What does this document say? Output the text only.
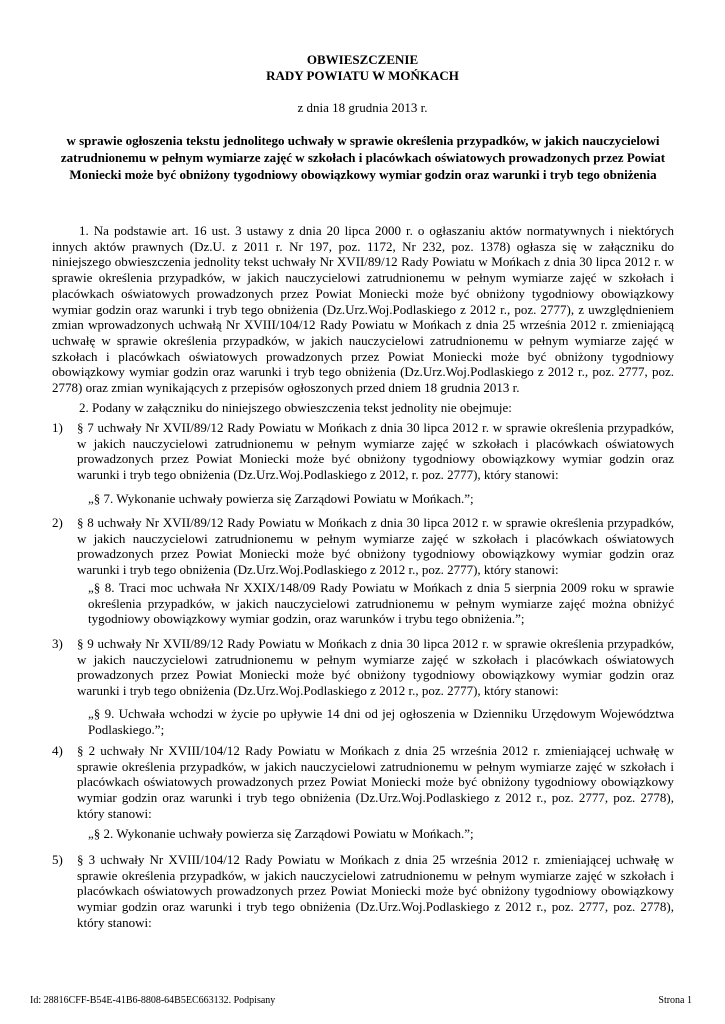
OBWIESZCZENIE
RADY POWIATU W MOŃKACH
z dnia 18 grudnia 2013 r.
w sprawie ogłoszenia tekstu jednolitego uchwały w sprawie określenia przypadków, w jakich nauczycielowi zatrudnionemu w pełnym wymiarze zajęć w szkołach i placówkach oświatowych prowadzonych przez Powiat Moniecki może być obniżony tygodniowy obowiązkowy wymiar godzin oraz warunki i tryb tego obniżenia
1. Na podstawie art. 16 ust. 3 ustawy z dnia 20 lipca 2000 r. o ogłaszaniu aktów normatywnych i niektórych innych aktów prawnych (Dz.U. z 2011 r. Nr 197, poz. 1172, Nr 232, poz. 1378) ogłasza się w załączniku do niniejszego obwieszczenia jednolity tekst uchwały Nr XVII/89/12 Rady Powiatu w Mońkach z dnia 30 lipca 2012 r. w sprawie określenia przypadków, w jakich nauczycielowi zatrudnionemu w pełnym wymiarze zajęć w szkołach i placówkach oświatowych prowadzonych przez Powiat Moniecki może być obniżony tygodniowy obowiązkowy wymiar godzin oraz warunki i tryb tego obniżenia (Dz.Urz.Woj.Podlaskiego z 2012 r., poz. 2777), z uwzględnieniem zmian wprowadzonych uchwałą Nr XVIII/104/12 Rady Powiatu w Mońkach z dnia 25 września 2012 r. zmieniającą uchwałę w sprawie określenia przypadków, w jakich nauczycielowi zatrudnionemu w pełnym wymiarze zajęć w szkołach i placówkach oświatowych prowadzonych przez Powiat Moniecki może być obniżony tygodniowy obowiązkowy wymiar godzin oraz warunki i tryb tego obniżenia (Dz.Urz.Woj.Podlaskiego z 2012 r., poz. 2777, poz. 2778) oraz zmian wynikających z przepisów ogłoszonych przed dniem 18 grudnia 2013 r.
2. Podany w załączniku do niniejszego obwieszczenia tekst jednolity nie obejmuje:
1)	§ 7 uchwały Nr XVII/89/12 Rady Powiatu w Mońkach z dnia 30 lipca 2012 r. w sprawie określenia przypadków, w jakich nauczycielowi zatrudnionemu w pełnym wymiarze zajęć w szkołach i placówkach oświatowych prowadzonych przez Powiat Moniecki może być obniżony tygodniowy obowiązkowy wymiar godzin oraz warunki i tryb tego obniżenia (Dz.Urz.Woj.Podlaskiego z 2012, r. poz. 2777), który stanowi:
„§ 7. Wykonanie uchwały powierza się Zarządowi Powiatu w Mońkach.”;
2)	§ 8 uchwały Nr XVII/89/12 Rady Powiatu w Mońkach z dnia 30 lipca 2012 r. w sprawie określenia przypadków, w jakich nauczycielowi zatrudnionemu w pełnym wymiarze zajęć w szkołach i placówkach oświatowych prowadzonych przez Powiat Moniecki może być obniżony tygodniowy obowiązkowy wymiar godzin oraz warunki i tryb tego obniżenia (Dz.Urz.Woj.Podlaskiego z 2012 r., poz. 2777), który stanowi:
„§ 8. Traci moc uchwała Nr XXIX/148/09 Rady Powiatu w Mońkach z dnia 5 sierpnia 2009 roku w sprawie określenia przypadków, w jakich nauczycielowi zatrudnionemu w pełnym wymiarze zajęć można obniżyć tygodniowy obowiązkowy wymiar godzin, oraz warunków i trybu tego obniżenia.”;
3)	§ 9 uchwały Nr XVII/89/12 Rady Powiatu w Mońkach z dnia 30 lipca 2012 r. w sprawie określenia przypadków, w jakich nauczycielowi zatrudnionemu w pełnym wymiarze zajęć w szkołach i placówkach oświatowych prowadzonych przez Powiat Moniecki może być obniżony tygodniowy obowiązkowy wymiar godzin oraz warunki i tryb tego obniżenia (Dz.Urz.Woj.Podlaskiego z 2012 r., poz. 2777), który stanowi:
„§ 9. Uchwała wchodzi w życie po upływie 14 dni od jej ogłoszenia w Dzienniku Urzędowym Województwa Podlaskiego.”;
4)	§ 2 uchwały Nr XVIII/104/12 Rady Powiatu w Mońkach z dnia 25 września 2012 r. zmieniającej uchwałę w sprawie określenia przypadków, w jakich nauczycielowi zatrudnionemu w pełnym wymiarze zajęć w szkołach i placówkach oświatowych prowadzonych przez Powiat Moniecki może być obniżony tygodniowy obowiązkowy wymiar godzin oraz warunki i tryb tego obniżenia (Dz.Urz.Woj.Podlaskiego z 2012 r., poz. 2777, poz. 2778), który stanowi:
„§ 2. Wykonanie uchwały powierza się Zarządowi Powiatu w Mońkach.”;
5)	§ 3 uchwały Nr XVIII/104/12 Rady Powiatu w Mońkach z dnia 25 września 2012 r. zmieniającej uchwałę w sprawie określenia przypadków, w jakich nauczycielowi zatrudnionemu w pełnym wymiarze zajęć w szkołach i placówkach oświatowych prowadzonych przez Powiat Moniecki może być obniżony tygodniowy obowiązkowy wymiar godzin oraz warunki i tryb tego obniżenia (Dz.Urz.Woj.Podlaskiego z 2012 r., poz. 2777, poz. 2778), który stanowi:
Id: 28816CFF-B54E-41B6-8808-64B5EC663132. Podpisany	Strona 1
